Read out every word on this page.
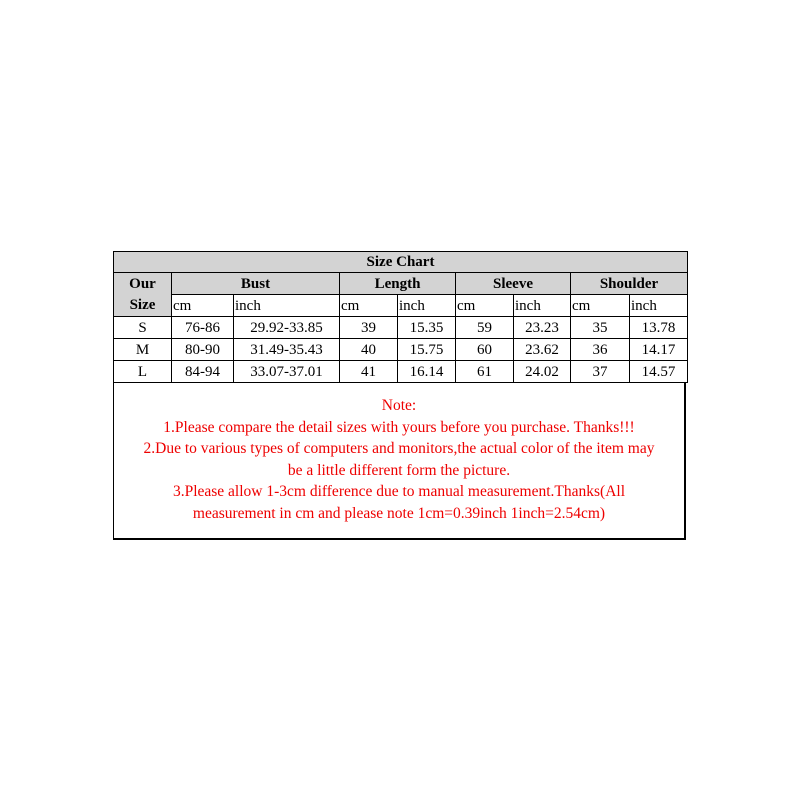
Size Chart								
Our	Bust		Length		Sleeve		Shoulder	
Size	cm	inch	cm	inch	cm	inch	cm	inch
S	76-86	29.92-33.85	39	15.35	59	23.23	35	13.78
M	80-90	31.49-35.43	40	15.75	60	23.62	36	14.17
L	84-94	33.07-37.01	41	16.14	61	24.02	37	14.57
Note:
1.Please compare the detail sizes with yours before you purchase. Thanks!!!
2.Due to various types of computers and monitors,the actual color of the item may
be a little different form the picture.
3.Please allow 1-3cm difference due to manual measurement.Thanks(All
measurement in cm and please note 1cm=0.39inch 1inch=2.54cm)
